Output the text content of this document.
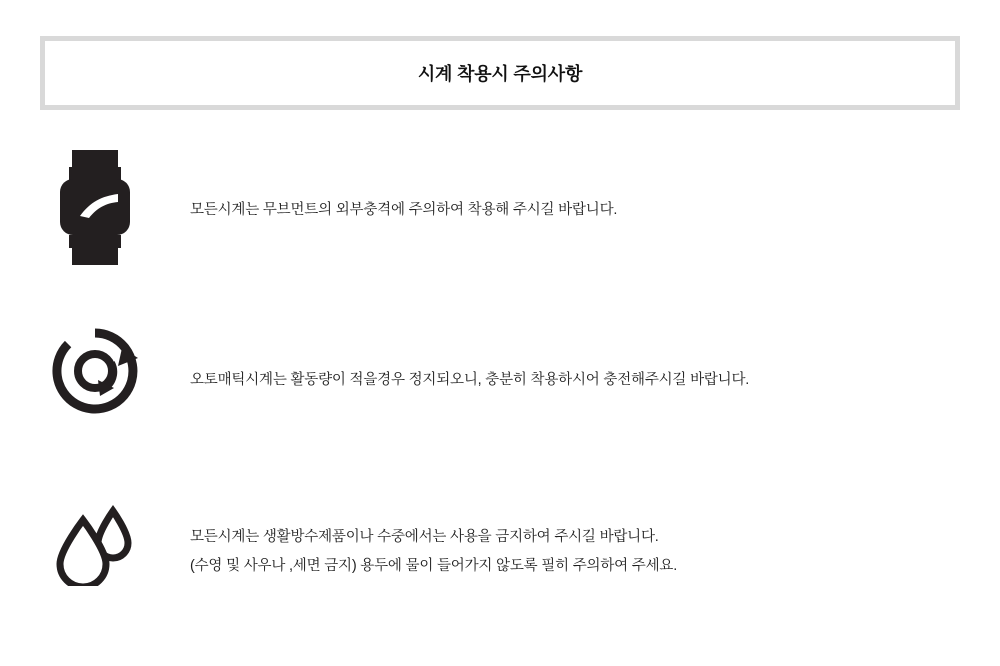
시계 착용시 주의사항

모든시계는 무브먼트의 외부충격에 주의하여 착용해 주시길 바랍니다.

오토매틱시계는 활동량이 적을경우 정지되오니, 충분히 착용하시어 충전해주시길 바랍니다.

모든시계는 생활방수제품이나 수중에서는 사용을 금지하여 주시길 바랍니다.

(수영 및 사우나 ,세면 금지) 용두에 물이 들어가지 않도록 필히 주의하여 주세요.
